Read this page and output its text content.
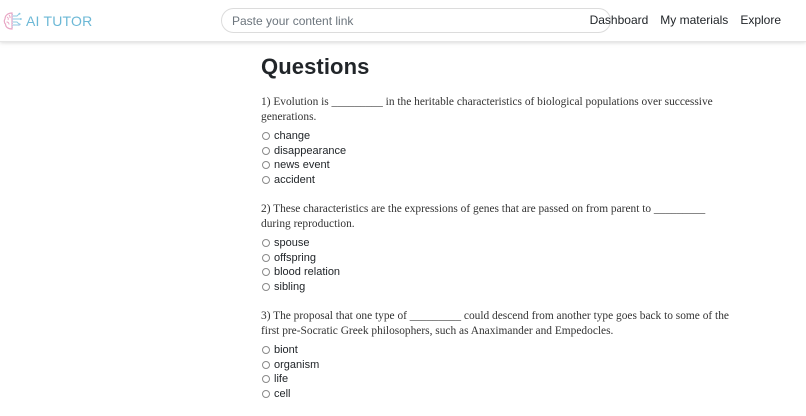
AI TUTOR
Paste your content link	Dashboard My materials Explore
Questions

1) Evolution is _________ in the heritable characteristics of biological populations over successive generations.

change
disappearance
news event
accident

2) These characteristics are the expressions of genes that are passed on from parent to _________ during reproduction.

spouse
offspring
blood relation
sibling

3) The proposal that one type of _________ could descend from another type goes back to some of the first pre-Socratic Greek philosophers, such as Anaximander and Empedocles.

biont
organism
life
cell
